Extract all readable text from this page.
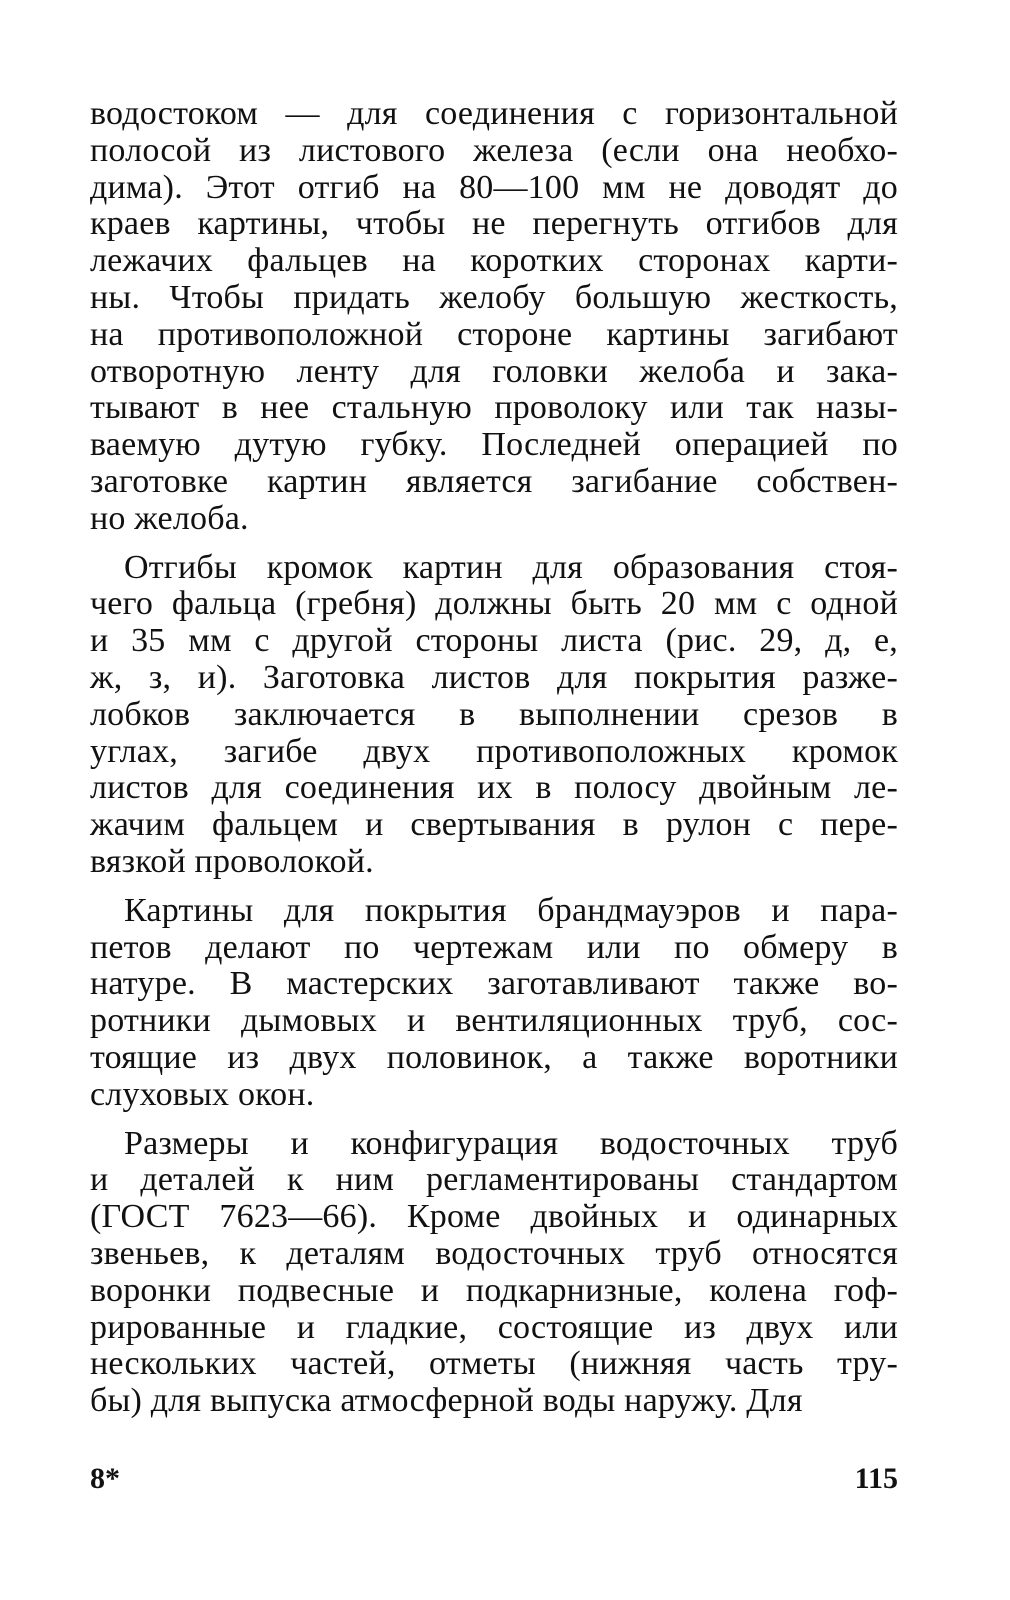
водостоком — для соединения с горизонтальной
полосой из листового железа (если она необхо-
дима). Этот отгиб на 80—100 мм не доводят до
краев картины, чтобы не перегнуть отгибов для
лежачих фальцев на коротких сторонах карти-
ны. Чтобы придать желобу большую жесткость,
на противоположной стороне картины загибают
отворотную ленту для головки желоба и зака-
тывают в нее стальную проволоку или так назы-
ваемую дутую губку. Последней операцией по
заготовке картин является загибание собствен-
но желоба.
Отгибы кромок картин для образования стоя-
чего фальца (гребня) должны быть 20 мм с одной
и 35 мм с другой стороны листа (рис. 29, д, е,
ж, з, и). Заготовка листов для покрытия разже-
лобков заключается в выполнении срезов в
углах, загибе двух противоположных кромок
листов для соединения их в полосу двойным ле-
жачим фальцем и свертывания в рулон с пере-
вязкой проволокой.
Картины для покрытия брандмауэров и пара-
петов делают по чертежам или по обмеру в
натуре. В мастерских заготавливают также во-
ротники дымовых и вентиляционных труб, сос-
тоящие из двух половинок, а также воротники
слуховых окон.
Размеры и конфигурация водосточных труб
и деталей к ним регламентированы стандартом
(ГОСТ 7623—66). Кроме двойных и одинарных
звеньев, к деталям водосточных труб относятся
воронки подвесные и подкарнизные, колена гоф-
рированные и гладкие, состоящие из двух или
нескольких частей, отметы (нижняя часть тру-
бы) для выпуска атмосферной воды наружу. Для
8*	115
